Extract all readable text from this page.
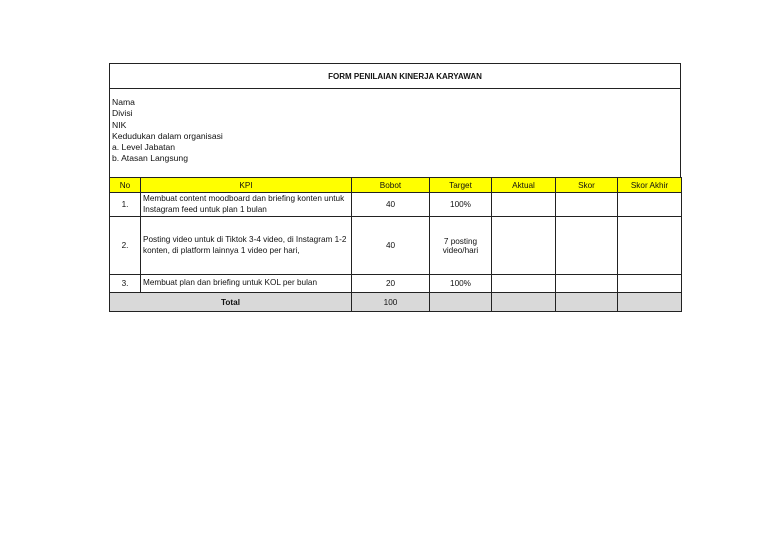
FORM PENILAIAN KINERJA KARYAWAN
Nama
Divisi
NIK
Kedudukan dalam organisasi
a. Level Jabatan
b. Atasan Langsung
No	KPI	Bobot	Target	Aktual	Skor	Skor Akhir
1.	Membuat content moodboard dan briefing konten untuk Instagram feed untuk plan 1 bulan	40	100%			
2.	Posting video untuk di Tiktok 3-4 video, di Instagram 1-2 konten, di platform lainnya 1 video per hari,	40	7 posting video/hari			
3.	Membuat plan dan briefing untuk KOL per bulan	20	100%			
Total		100				
